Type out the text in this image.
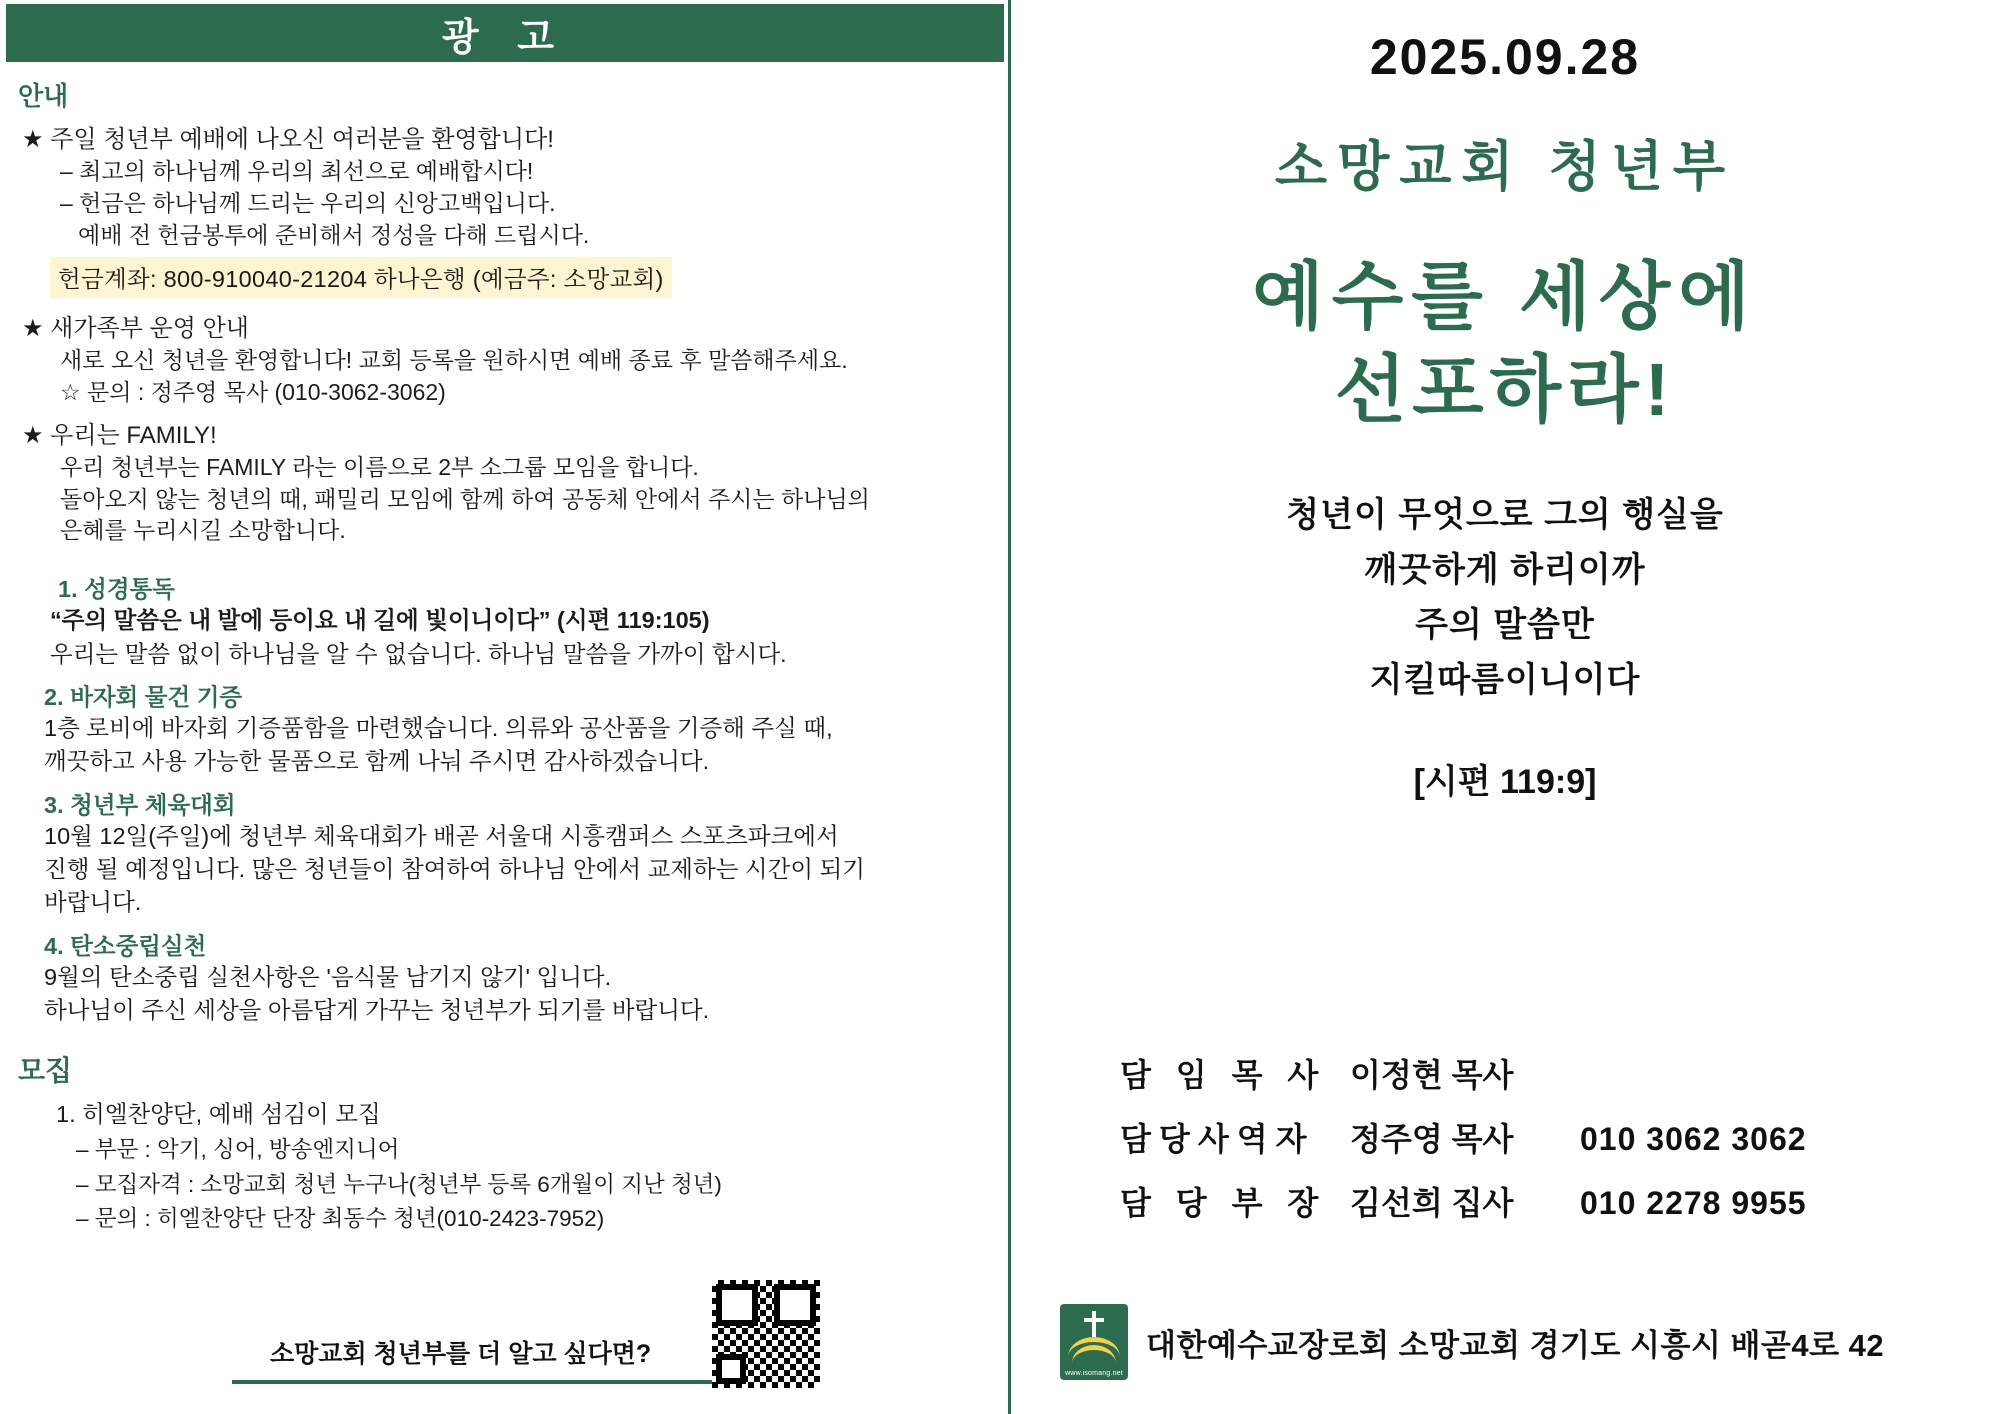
광 고
안내
★ 주일 청년부 예배에 나오신 여러분을 환영합니다!
– 최고의 하나님께 우리의 최선으로 예배합시다!
– 헌금은 하나님께 드리는 우리의 신앙고백입니다.
예배 전 헌금봉투에 준비해서 정성을 다해 드립시다.
헌금계좌: 800-910040-21204 하나은행 (예금주: 소망교회)
★ 새가족부 운영 안내
새로 오신 청년을 환영합니다! 교회 등록을 원하시면 예배 종료 후 말씀해주세요.
☆ 문의 : 정주영 목사 (010-3062-3062)
★ 우리는 FAMILY!
우리 청년부는 FAMILY 라는 이름으로 2부 소그룹 모임을 합니다.
돌아오지 않는 청년의 때, 패밀리 모임에 함께 하여 공동체 안에서 주시는 하나님의
은혜를 누리시길 소망합니다.
1. 성경통독
“주의 말씀은 내 발에 등이요 내 길에 빛이니이다” (시편 119:105)
우리는 말씀 없이 하나님을 알 수 없습니다. 하나님 말씀을 가까이 합시다.
2. 바자회 물건 기증
1층 로비에 바자회 기증품함을 마련했습니다. 의류와 공산품을 기증해 주실 때,
깨끗하고 사용 가능한 물품으로 함께 나눠 주시면 감사하겠습니다.
3. 청년부 체육대회
10월 12일(주일)에 청년부 체육대회가 배곧 서울대 시흥캠퍼스 스포츠파크에서
진행 될 예정입니다. 많은 청년들이 참여하여 하나님 안에서 교제하는 시간이 되기
바랍니다.
4. 탄소중립실천
9월의 탄소중립 실천사항은 '음식물 남기지 않기' 입니다.
하나님이 주신 세상을 아름답게 가꾸는 청년부가 되기를 바랍니다.
모집
1. 히엘찬양단, 예배 섬김이 모집
– 부문 : 악기, 싱어, 방송엔지니어
– 모집자격 : 소망교회 청년 누구나(청년부 등록 6개월이 지난 청년)
– 문의 : 히엘찬양단 단장 최동수 청년(010-2423-7952)
소망교회 청년부를 더 알고 싶다면?
2025.09.28
소망교회 청년부
예수를 세상에
선포하라!
청년이 무엇으로 그의 행실을
깨끗하게 하리이까
주의 말씀만
지킬따름이니이다
[시편 119:9]
담 임 목 사 이정현 목사
담당사역자	정주영 목사	010 3062 3062
담 당 부 장 김선희 집사	010 2278 9955
www.isomang.net
대한예수교장로회 소망교회 경기도 시흥시 배곧4로 42
